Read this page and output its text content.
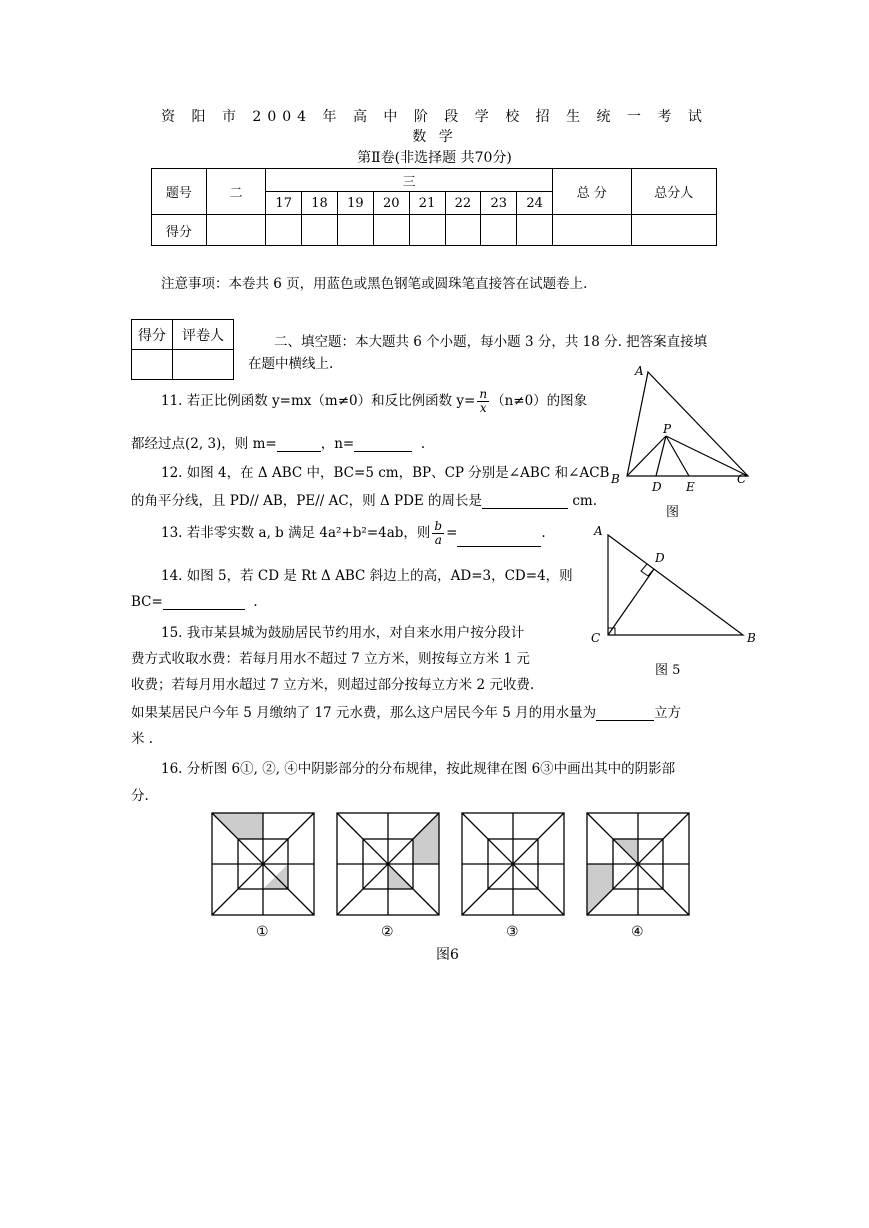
资 阳 市 2004 年 高 中 阶 段 学 校 招 生 统 一 考 试
数 学
第Ⅱ卷(非选择题 共70分)
题号	二	三								总 分	总分人
		17	18	19	20	21	22	23	24		
得分											
注意事项：本卷共 6 页，用蓝色或黑色钢笔或圆珠笔直接答在试题卷上.
得分	评卷人
		二、填空题：本大题共 6 个小题，每小题 3 分，共 18 分. 把答案直接填
在题中横线上.
11. 若正比例函数 y=mx（m≠0）和反比例函数 $y= \frac{n}{x} (n\ne 0)$的图象
都经过点(2, 3)，则 m=	，n=	.
12. 如图 4，在 Δ ABC 中，BC=5 cm，BP、CP 分别是∠ABC 和∠ACB
的角平分线，且 PD// AB，PE// AC，则 Δ PDE 的周长是	cm.
13. 若非零实数 a, b 满足 4a²+b²=4ab，则 $\frac{b}{a}$ =	.
14. 如图 5，若 CD 是 Rt Δ ABC 斜边上的高，AD=3，CD=4，则
BC=	.
15. 我市某县城为鼓励居民节约用水，对自来水用户按分段计
费方式收取水费：若每月用水不超过 7 立方米，则按每立方米 1 元
收费；若每月用水超过 7 立方米，则超过部分按每立方米 2 元收费.
如果某居民户今年 5 月缴纳了 17 元水费，那么这户居民今年 5 月的用水量为	立方
米 .
16. 分析图 6①, ②, ④中阴影部分的分布规律，按此规律在图 6③中画出其中的阴影部
分.
A
P
B
D E
C
图
A
D
C	B
图 5
①	②	③	④
图6
